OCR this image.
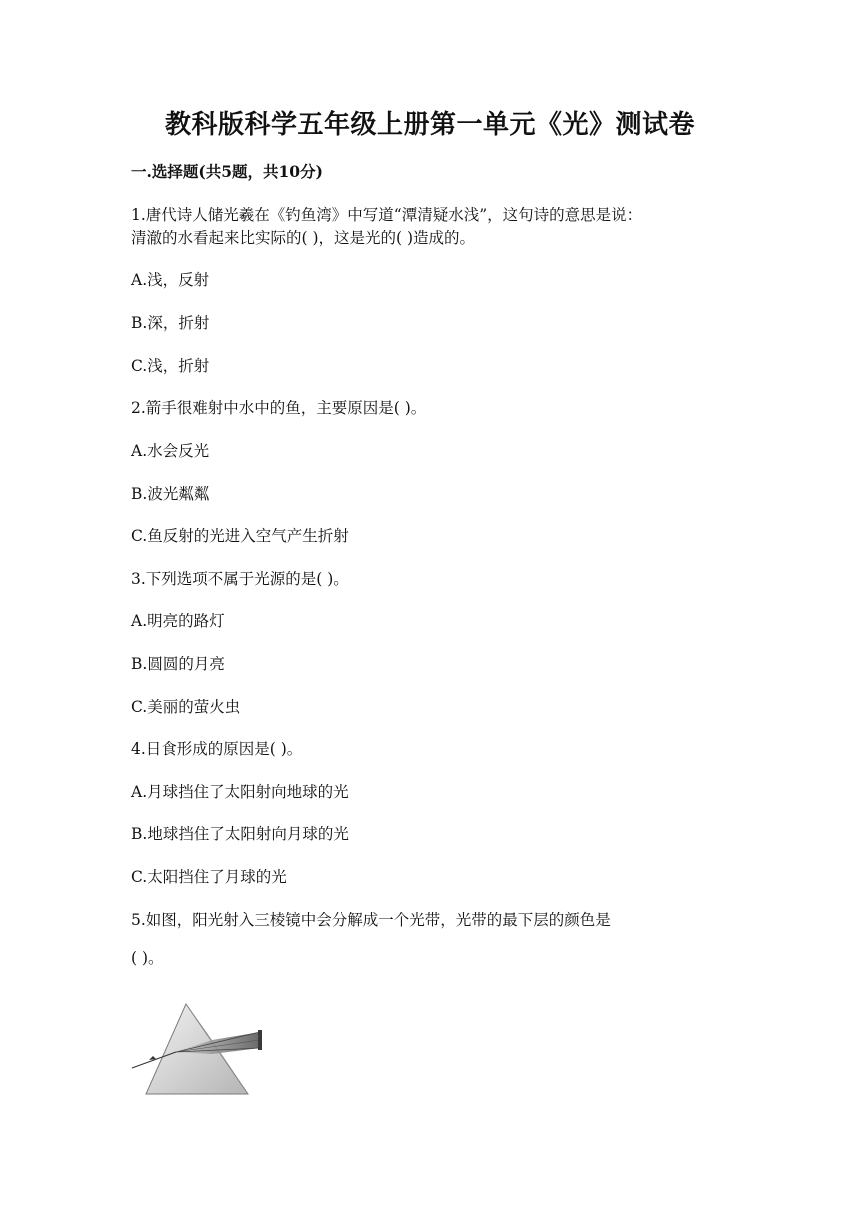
教科版科学五年级上册第一单元《光》测试卷
一.选择题(共5题，共10分)
1.唐代诗人储光羲在《钓鱼湾》中写道“潭清疑水浅”，这句诗的意思是说：
清澈的水看起来比实际的( )，这是光的( )造成的。
A.浅，反射
B.深，折射
C.浅，折射
2.箭手很难射中水中的鱼，主要原因是( )。
A.水会反光
B.波光粼粼
C.鱼反射的光进入空气产生折射
3.下列选项不属于光源的是( )。
A.明亮的路灯
B.圆圆的月亮
C.美丽的萤火虫
4.日食形成的原因是( )。
A.月球挡住了太阳射向地球的光
B.地球挡住了太阳射向月球的光
C.太阳挡住了月球的光
5.如图，阳光射入三棱镜中会分解成一个光带，光带的最下层的颜色是
( )。
